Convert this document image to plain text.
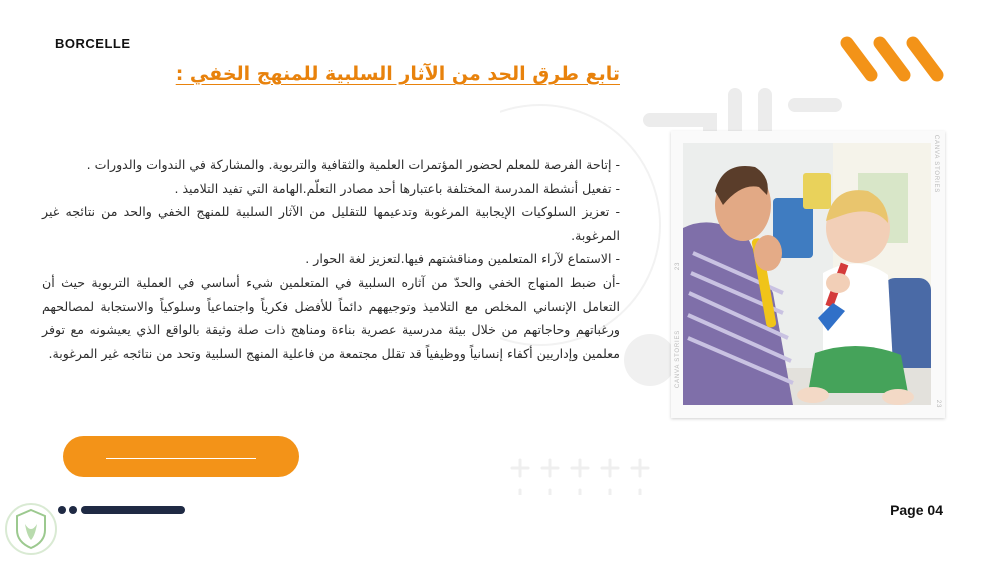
BORCELLE
تابع طرق الحد من الآثار السلبية للمنهج الخفي :

- إتاحة الفرصة للمعلم لحضور المؤتمرات العلمية والثقافية والتربوية. والمشاركة في الندوات والدورات .

- تفعيل أنشطة المدرسة المختلفة باعتبارها أحد مصادر التعلّم.الهامة التي تفيد التلاميذ .

- تعزيز السلوكيات الإيجابية المرغوبة وتدعيمها للتقليل من الآثار السلبية للمنهج الخفي والحد من نتائجه غير المرغوبة.

- الاستماع لآراء المتعلمين ومناقشتهم فيها.لتعزيز لغة الحوار .

-أن ضبط المنهاج الخفي والحدّ من آثاره السلبية في المتعلمين شيء أساسي في العملية التربوية حيث أن التعامل الإنساني المخلص مع التلاميذ وتوجيههم دائماً للأفضل فكرياً واجتماعياً وسلوكياً والاستجابة لمصالحهم ورغباتهم وحاجاتهم من خلال بيئة مدرسية عصرية بناءة ومناهج ذات صلة وثيقة بالواقع الذي يعيشونه مع توفر معلمين وإداريين أكفاء إنسانياً ووظيفياً قد تقلل مجتمعة من فاعلية المنهج السلبية وتحد من نتائجه غير المرغوبة.

CANVA STORIES
CANVA STORIES
23
23
Page 04
